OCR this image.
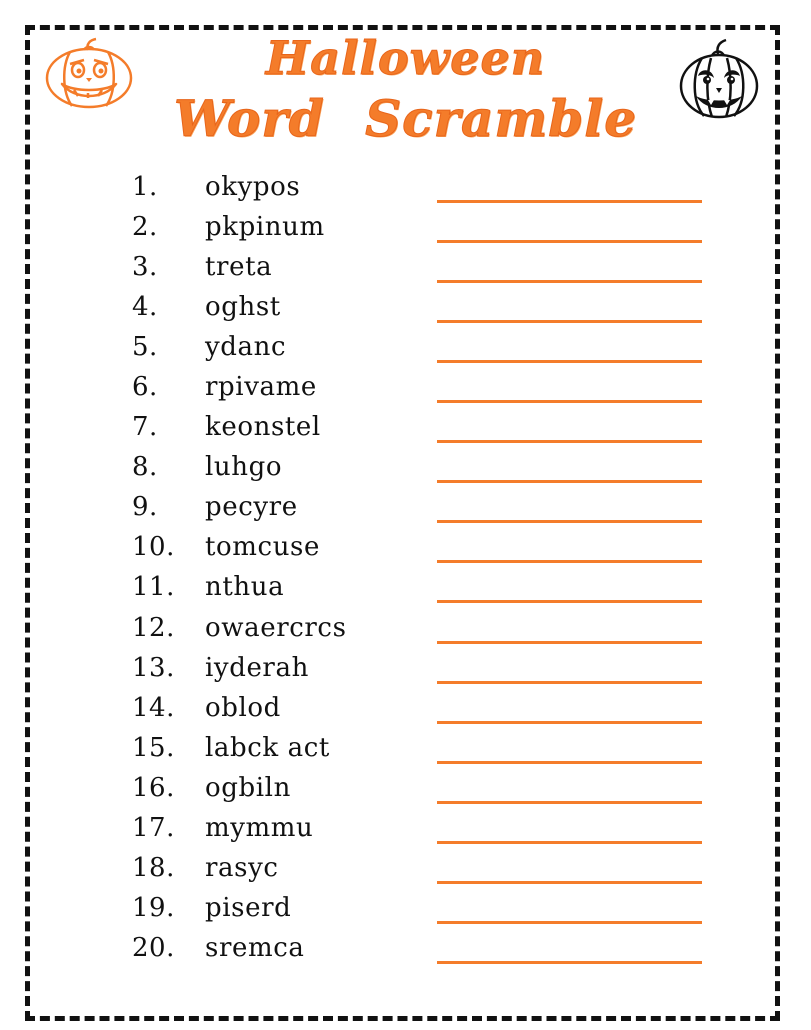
Halloween
Word Scramble
1. okypos
2. pkpinum
3. treta
4. oghst
5. ydanc
6. rpivame
7. keonstel
8. luhgo
9. pecyre
10. tomcuse
11. nthua
12. owaercrcs
13. iyderah
14. oblod
15. labck act
16. ogbiln
17. mymmu
18. rasyc
19. piserd
20. sremca
